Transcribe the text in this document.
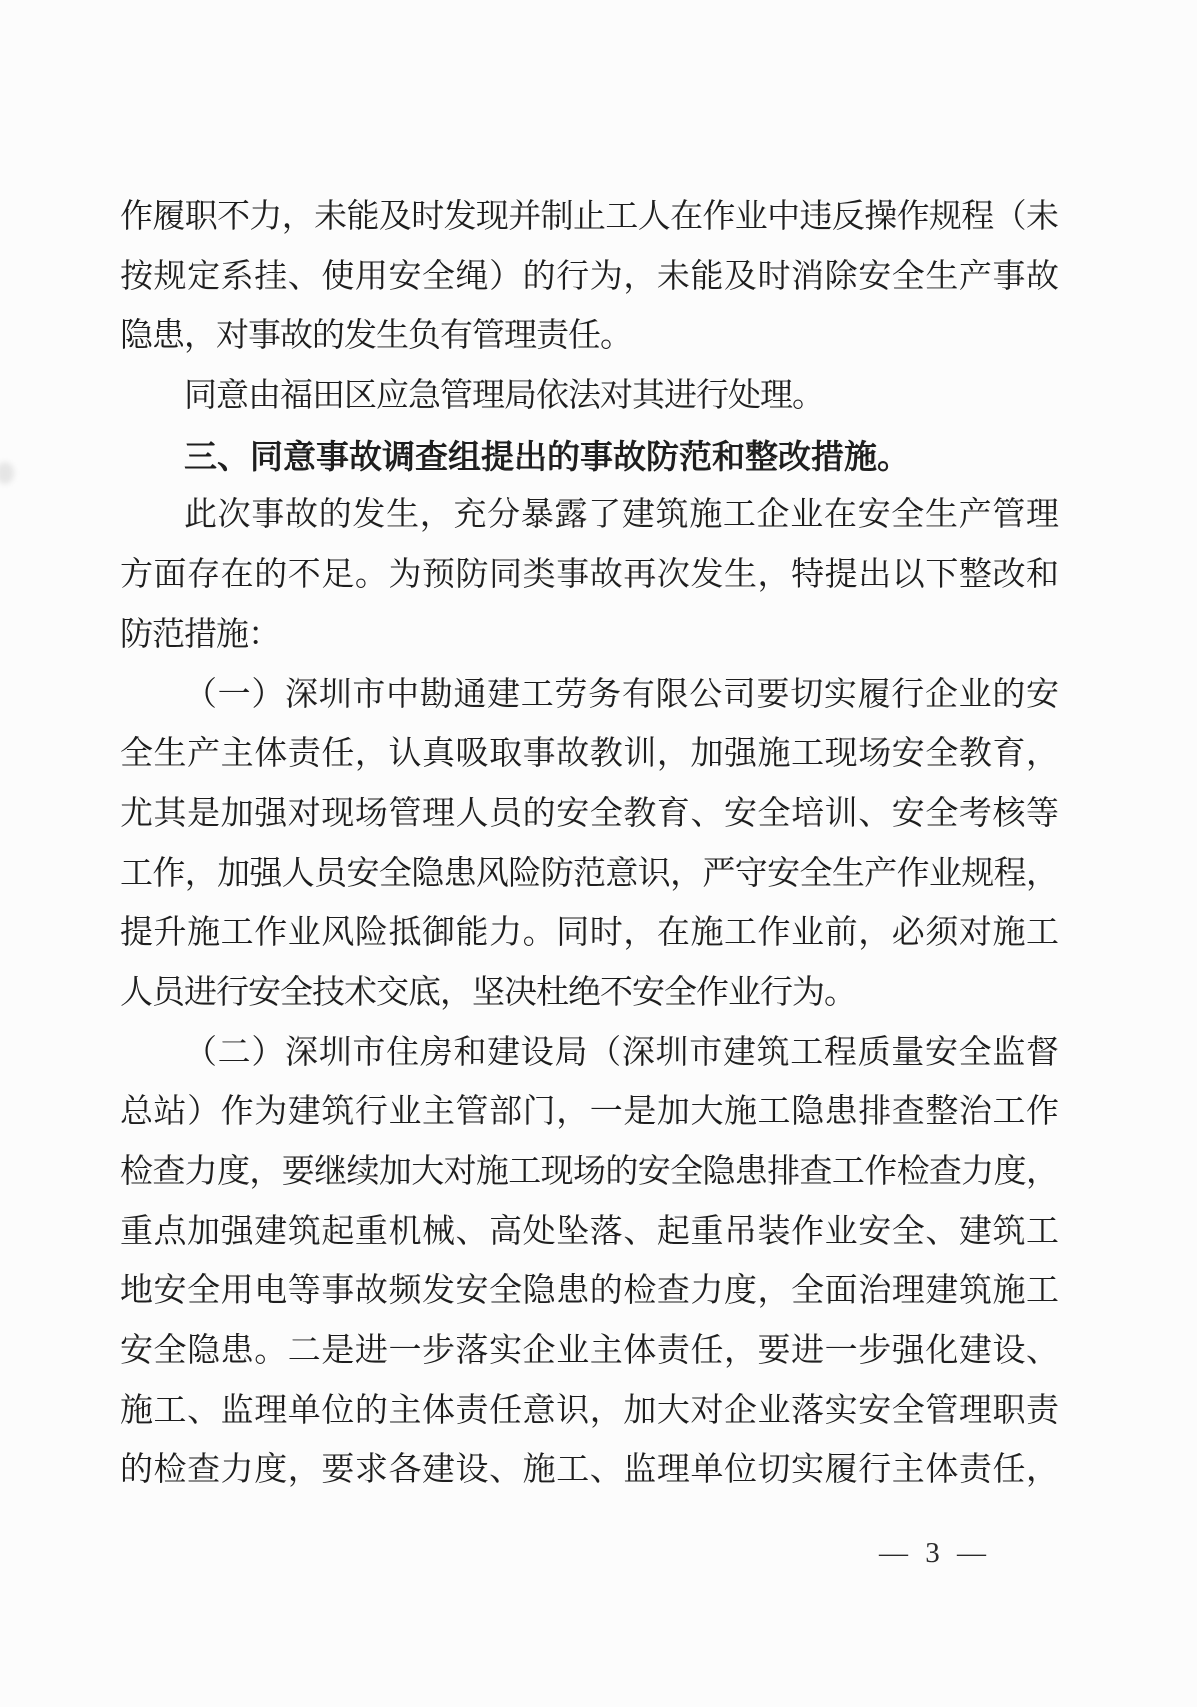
作履职不力，未能及时发现并制止工人在作业中违反操作规程（未
按规定系挂、使用安全绳）的行为，未能及时消除安全生产事故
隐患，对事故的发生负有管理责任。
同意由福田区应急管理局依法对其进行处理。
三、同意事故调查组提出的事故防范和整改措施。
此次事故的发生，充分暴露了建筑施工企业在安全生产管理
方面存在的不足。为预防同类事故再次发生，特提出以下整改和
防范措施：
（一）深圳市中勘通建工劳务有限公司要切实履行企业的安
全生产主体责任，认真吸取事故教训，加强施工现场安全教育，
尤其是加强对现场管理人员的安全教育、安全培训、安全考核等
工作，加强人员安全隐患风险防范意识，严守安全生产作业规程，
提升施工作业风险抵御能力。同时，在施工作业前，必须对施工
人员进行安全技术交底，坚决杜绝不安全作业行为。
（二）深圳市住房和建设局（深圳市建筑工程质量安全监督
总站）作为建筑行业主管部门，一是加大施工隐患排查整治工作
检查力度，要继续加大对施工现场的安全隐患排查工作检查力度，
重点加强建筑起重机械、高处坠落、起重吊装作业安全、建筑工
地安全用电等事故频发安全隐患的检查力度，全面治理建筑施工
安全隐患。二是进一步落实企业主体责任，要进一步强化建设、
施工、监理单位的主体责任意识，加大对企业落实安全管理职责
的检查力度，要求各建设、施工、监理单位切实履行主体责任，
— 3 —
